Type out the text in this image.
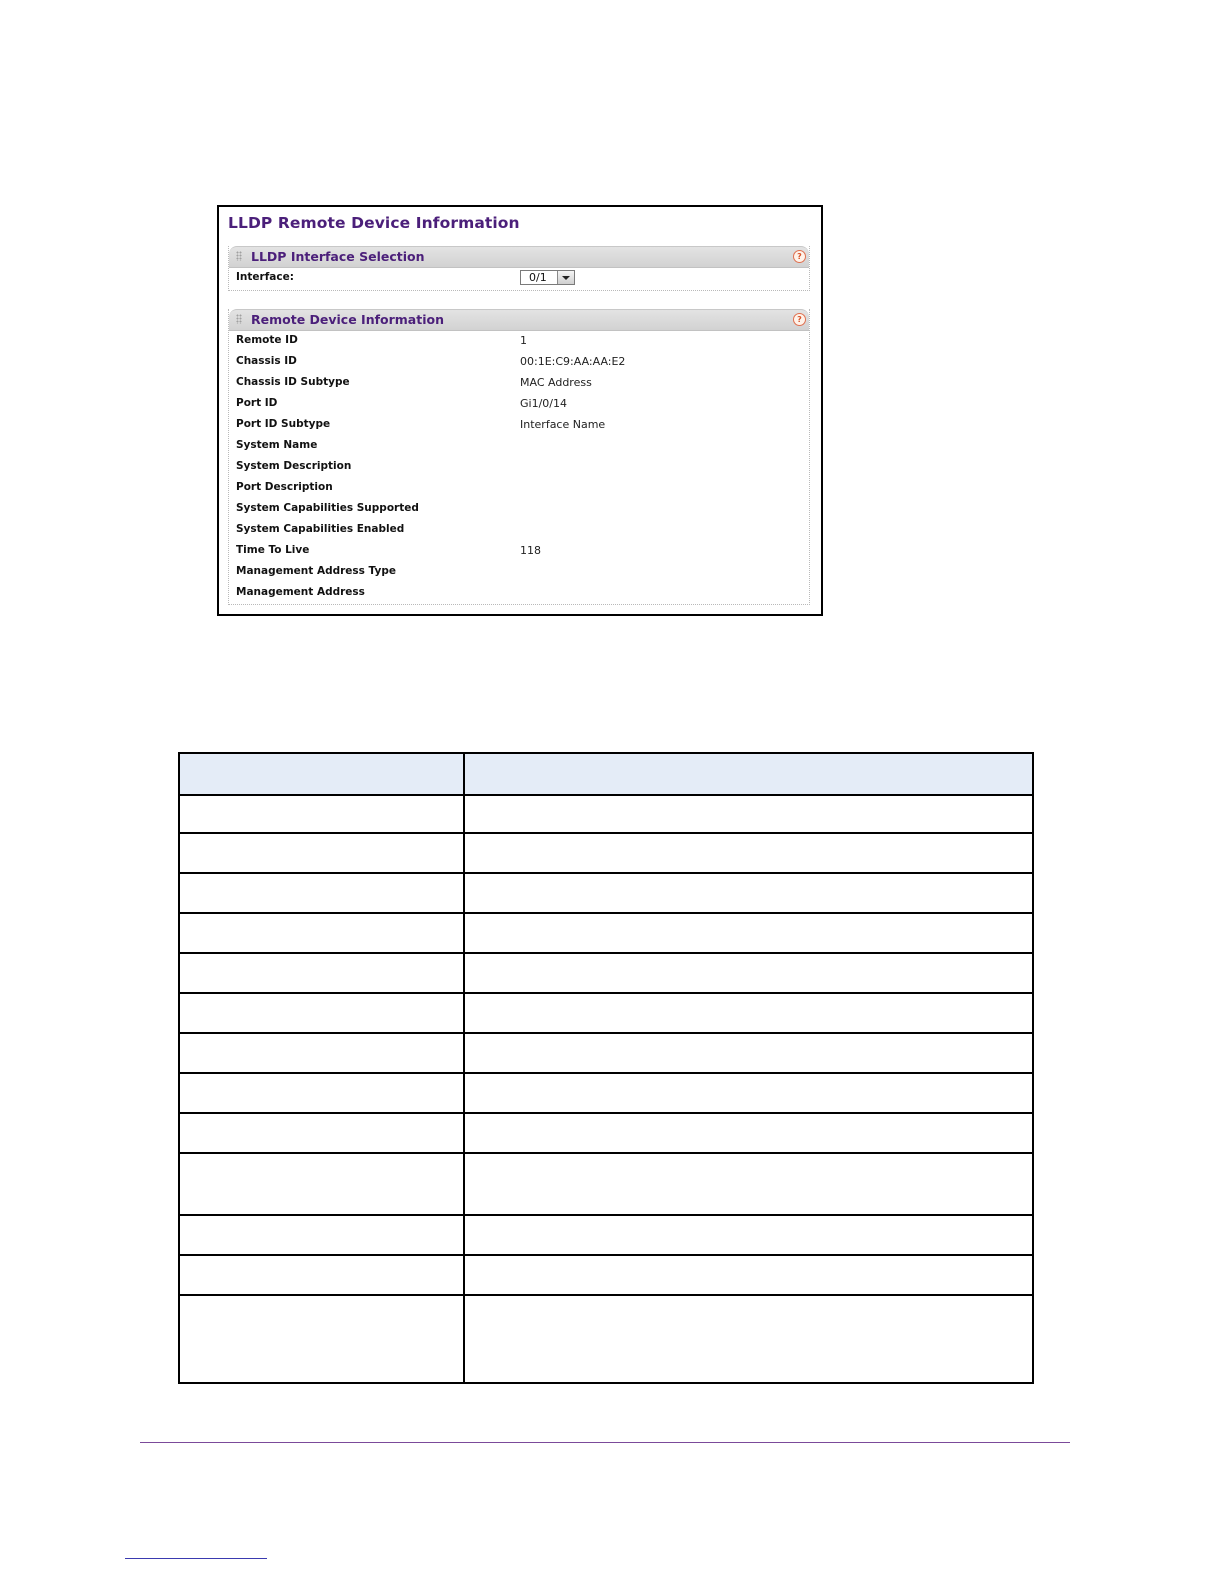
LLDP Remote Device Information
LLDP Interface Selection	?
Interface:	0/1
Remote Device Information	?
Remote ID	1
Chassis ID	00:1E:C9:AA:AA:E2
Chassis ID Subtype	MAC Address
Port ID	Gi1/0/14
Port ID Subtype	Interface Name
System Name
System Description
Port Description
System Capabilities Supported
System Capabilities Enabled
Time To Live	118
Management Address Type
Management Address
